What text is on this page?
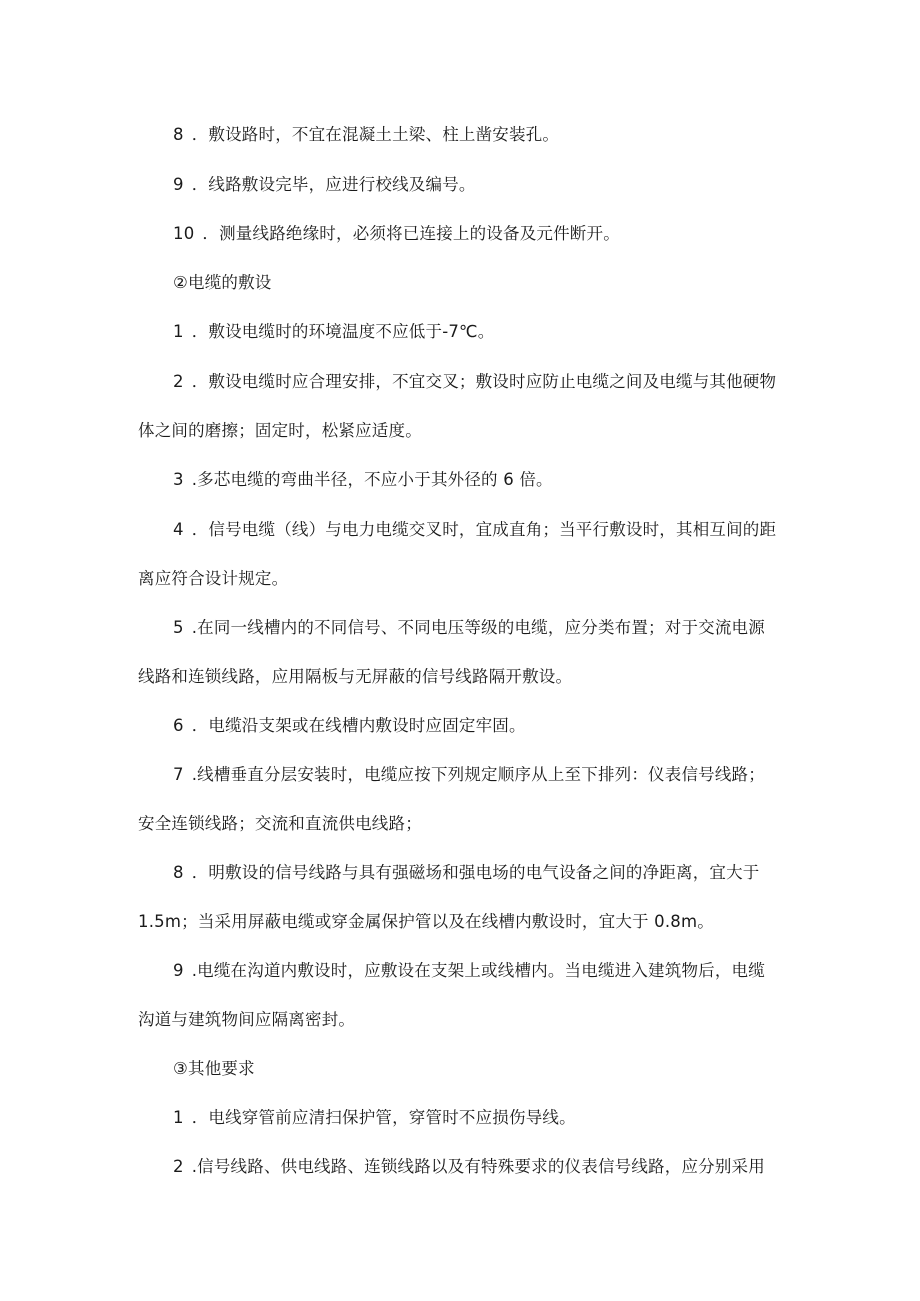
8 ．敷设路时，不宜在混凝土土梁、柱上凿安装孔。
9 ．线路敷设完毕，应进行校线及编号。
10 ．测量线路绝缘时，必须将已连接上的设备及元件断开。
②电缆的敷设
1 ．敷设电缆时的环境温度不应低于-7℃。
2 ．敷设电缆时应合理安排，不宜交叉；敷设时应防止电缆之间及电缆与其他硬物
体之间的磨擦；固定时，松紧应适度。
3 .多芯电缆的弯曲半径，不应小于其外径的 6 倍。
4 ．信号电缆（线）与电力电缆交叉时，宜成直角；当平行敷设时，其相互间的距
离应符合设计规定。
5 .在同一线槽内的不同信号、不同电压等级的电缆，应分类布置；对于交流电源
线路和连锁线路，应用隔板与无屏蔽的信号线路隔开敷设。
6 ．电缆沿支架或在线槽内敷设时应固定牢固。
7 .线槽垂直分层安装时，电缆应按下列规定顺序从上至下排列：仪表信号线路；
安全连锁线路；交流和直流供电线路；
8 ．明敷设的信号线路与具有强磁场和强电场的电气设备之间的净距离，宜大于
1.5m；当采用屏蔽电缆或穿金属保护管以及在线槽内敷设时，宜大于 0.8m。
9 .电缆在沟道内敷设时，应敷设在支架上或线槽内。当电缆进入建筑物后，电缆
沟道与建筑物间应隔离密封。
③其他要求
1 ．电线穿管前应清扫保护管，穿管时不应损伤导线。
2 .信号线路、供电线路、连锁线路以及有特殊要求的仪表信号线路，应分别采用
